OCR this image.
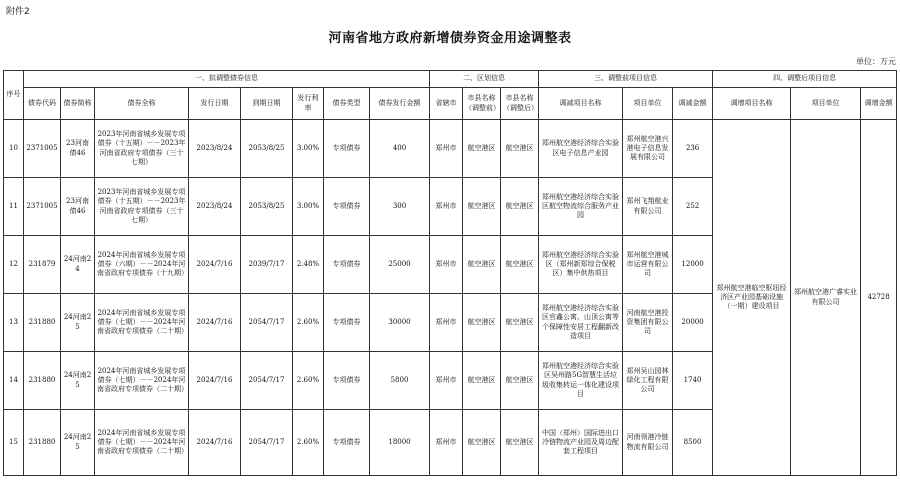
附件2
河南省地方政府新增债券资金用途调整表
单位：万元
序号	一、拟调整债券信息								二、区划信息			三、调整前项目信息			四、调整后项目信息		
	债券代码	债券简称	债券全称	发行日期	到期日期	发行利率	债券类型	债券发行金额	省辖市	市县名称（调整前）	市县名称（调整后）	调减项目名称	项目单位	调减金额	调增项目名称	项目单位	调增金额
10	2371005	23河南债46	2023年河南省城乡发展专项债券（十五期）－－2023年河南省政府专项债券（三十七期）	2023/8/24	2053/8/25	3.00%	专项债券	400	郑州市	航空港区	航空港区	郑州航空港经济综合实验区电子信息产业园	郑州航空港兴港电子信息发展有限公司	236	郑州航空港临空枢纽经济区产业园基础设施（一期）建设项目	郑州航空港广睿实业有限公司	42728
11	2371005	23河南债46	2023年河南省城乡发展专项债券（十五期）－－2023年河南省政府专项债券（三十七期）	2023/8/24	2053/8/25	3.00%	专项债券	300	郑州市	航空港区	航空港区	郑州航空港经济综合实验区航空物流综合服务产业园	郑州飞翔航业有限公司	252			
12	231879	24河南24	2024年河南省城乡发展专项债券（六期）－－2024年河南省政府专项债券（十九期）	2024/7/16	2039/7/17	2.48%	专项债券	25000	郑州市	航空港区	航空港区	郑州航空港经济综合实验区（郑州新郑综合保税区）集中供热项目	郑州航空港城市运营有限公司	12000			
13	231880	24河南25	2024年河南省城乡发展专项债券（七期）－－2024年河南省政府专项债券（二十期）	2024/7/16	2054/7/17	2.60%	专项债券	30000	郑州市	航空港区	航空港区	郑州航空港经济综合实验区官鑫公寓、山顶公寓等个保障性安居工程翻新改造项目	河南航空港投资集团有限公司	20000			
14	231880	24河南25	2024年河南省城乡发展专项债券（七期）－－2024年河南省政府专项债券（二十期）	2024/7/16	2054/7/17	2.60%	专项债券	5800	郑州市	航空港区	航空港区	郑州航空港经济综合实验区吴州路5G智慧生活垃圾收集转运一体化建设项目	郑州吴山园林绿化工程有限公司	1740			
15	231880	24河南25	2024年河南省城乡发展专项债券（七期）－－2024年河南省政府专项债券（二十期）	2024/7/16	2054/7/17	2.60%	专项债券	18000	郑州市	航空港区	航空港区	中国（郑州）国际进出口冷链物流产业园及周边配套工程项目	河南领港冷链物流有限公司	8500			
